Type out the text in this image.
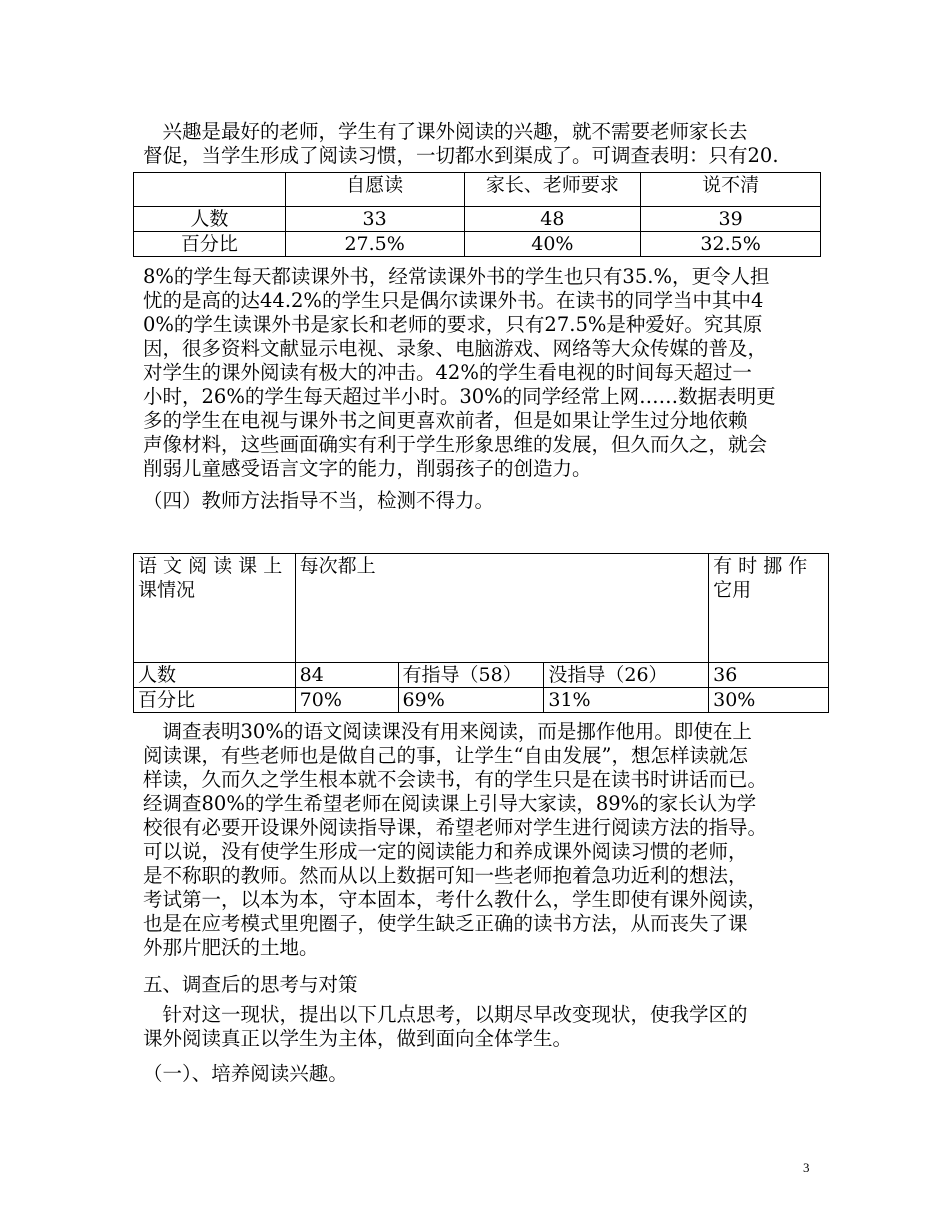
　兴趣是最好的老师，学生有了课外阅读的兴趣，就不需要老师家长去
督促，当学生形成了阅读习惯，一切都水到渠成了。可调查表明：只有20.
	自愿读	家长、老师要求	说不清
人数	33	48	39
百分比	27.5%	40%	32.5%
8%的学生每天都读课外书，经常读课外书的学生也只有35.%，更令人担
忧的是高的达44.2%的学生只是偶尔读课外书。在读书的同学当中其中4
0%的学生读课外书是家长和老师的要求，只有27.5%是种爱好。究其原
因，很多资料文献显示电视、录象、电脑游戏、网络等大众传媒的普及，
对学生的课外阅读有极大的冲击。42%的学生看电视的时间每天超过一
小时，26%的学生每天超过半小时。30%的同学经常上网……数据表明更
多的学生在电视与课外书之间更喜欢前者，但是如果让学生过分地依赖
声像材料，这些画面确实有利于学生形象思维的发展，但久而久之，就会
削弱儿童感受语言文字的能力，削弱孩子的创造力。
（四）教师方法指导不当，检测不得力。
语 文 阅 读 课 上课情况	每次都上			有 时 挪 作 它用
人数	84	有指导（58）	没指导（26）	36
百分比	70%	69%	31%	30%
　调查表明30%的语文阅读课没有用来阅读，而是挪作他用。即使在上
阅读课，有些老师也是做自己的事，让学生“自由发展”，想怎样读就怎
样读，久而久之学生根本就不会读书，有的学生只是在读书时讲话而已。
经调查80%的学生希望老师在阅读课上引导大家读，89%的家长认为学
校很有必要开设课外阅读指导课，希望老师对学生进行阅读方法的指导。
可以说，没有使学生形成一定的阅读能力和养成课外阅读习惯的老师，
是不称职的教师。然而从以上数据可知一些老师抱着急功近利的想法，
考试第一，以本为本，守本固本，考什么教什么，学生即使有课外阅读，
也是在应考模式里兜圈子，使学生缺乏正确的读书方法，从而丧失了课
外那片肥沃的土地。
五、调查后的思考与对策
　针对这一现状，提出以下几点思考，以期尽早改变现状，使我学区的
课外阅读真正以学生为主体，做到面向全体学生。
（一）、培养阅读兴趣。
3
